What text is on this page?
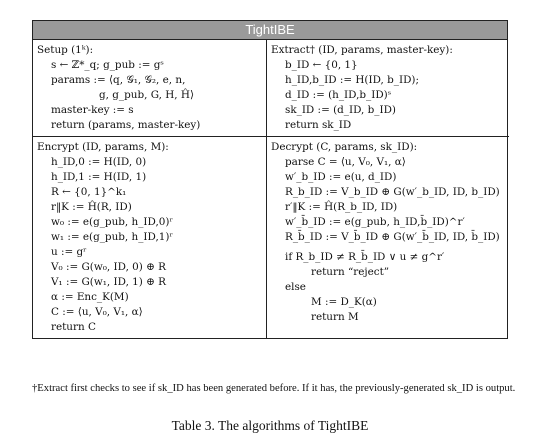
TightIBE
Setup (1ᵏ):
s ← ℤ*_q; g_pub := gˢ
params := ⟨q, 𝒢₁, 𝒢₂, e, n,
g, g_pub, G, H, Ĥ⟩
master-key := s
return (params, master-key)
Extract† (ID, params, master-key):
b_ID ← {0, 1}
h_ID,b_ID := H(ID, b_ID);
d_ID := (h_ID,b_ID)ˢ
sk_ID := (d_ID, b_ID)
return sk_ID
Encrypt (ID, params, M):
h_ID,0 := H(ID, 0)
h_ID,1 := H(ID, 1)
R ← {0, 1}^k₁
r‖K := Ĥ(R, ID)
w₀ := e(g_pub, h_ID,0)ʳ
w₁ := e(g_pub, h_ID,1)ʳ
u := gʳ
V₀ := G(w₀, ID, 0) ⊕ R
V₁ := G(w₁, ID, 1) ⊕ R
α := Enc_K(M)
C := ⟨u, V₀, V₁, α⟩
return C
Decrypt (C, params, sk_ID):
parse C = ⟨u, V₀, V₁, α⟩
w′_b_ID := e(u, d_ID)
R_b_ID := V_b_ID ⊕ G(w′_b_ID, ID, b_ID)
r′‖K := Ĥ(R_b_ID, ID)
w′_b̄_ID := e(g_pub, h_ID,b̄_ID)^r′
R_b̄_ID := V_b̄_ID ⊕ G(w′_b̄_ID, ID, b̄_ID)
if R_b_ID ≠ R_b̄_ID ∨ u ≠ g^r′
return “reject”
else
M := D_K(α)
return M
†Extract first checks to see if sk_ID has been generated before. If it has, the previously-generated sk_ID is output.
Table 3. The algorithms of TightIBE
